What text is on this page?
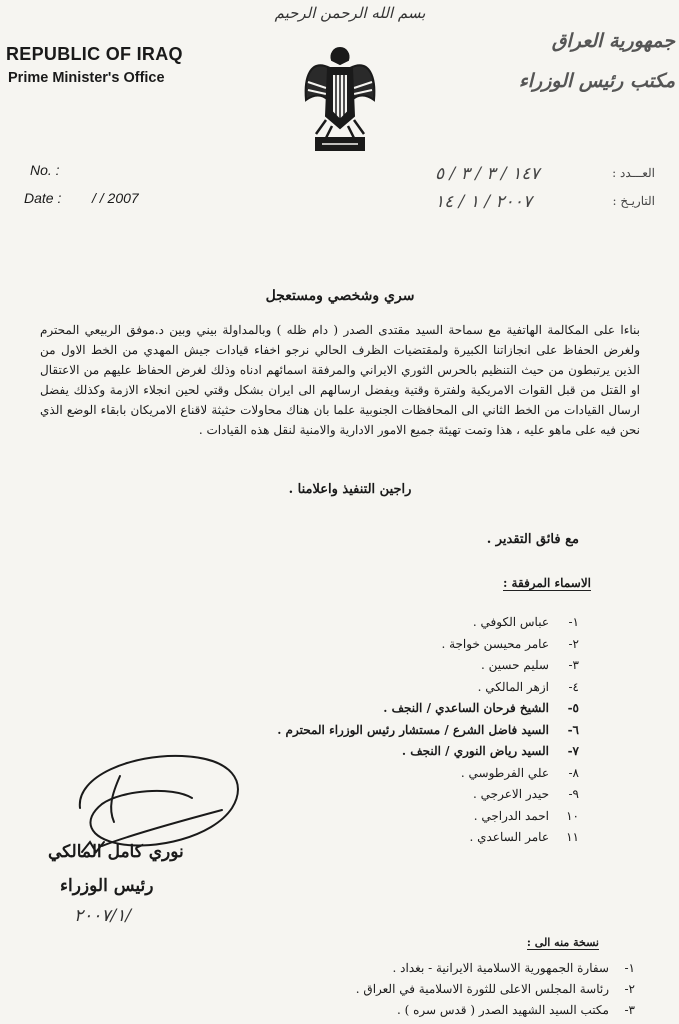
بسم الله الرحمن الرحيم
REPUBLIC OF IRAQ
Prime Minister's Office
جمهورية العراق
مكتب رئيس الوزراء
No. :
Date : / / 2007
العـــدد :
١٤٧ / ٣ / ٣ / ٥
التاريـخ :
٢٠٠٧ / ١ / ١٤
سري وشخصي ومستعجل
بناءا على المكالمة الهاتفية مع سماحة السيد مقتدى الصدر ( دام ظله ) وبالمداولة بيني وبين د.موفق الربيعي المحترم ولغرض الحفاظ على انجازاتنا الكبيرة ولمقتضيات الظرف الحالي نرجو اخفاء قيادات جيش المهدي من الخط الاول من الذين يرتبطون من حيث التنظيم بالحرس الثوري الايراني والمرفقة اسمائهم ادناه وذلك لغرض الحفاظ عليهم من الاعتقال او القتل من قبل القوات الامريكية ولفترة وقتية ويفضل ارسالهم الى ايران بشكل وقتي لحين انجلاء الازمة وكذلك يفضل ارسال القيادات من الخط الثاني الى المحافظات الجنوبية علما بان هناك محاولات حثيثة لاقناع الامريكان بابقاء الوضع الذي نحن فيه على ماهو عليه ، هذا وتمت تهيئة جميع الامور الادارية والامنية لنقل هذه القيادات .
راجين التنفيذ واعلامنا .
مع فائق التقدير .
الاسماء المرفقة :
١-عباس الكوفي .
٢-عامر محيسن خواجة .
٣-سليم حسين .
٤-ازهر المالكي .
٥-الشيخ فرحان الساعدي / النجف .
٦-السيد فاضل الشرع / مستشار رئيس الوزراء المحترم .
٧-السيد رياض النوري / النجف .
٨-علي الفرطوسي .
٩-حيدر الاعرجي .
١٠احمد الدراجي .
١١عامر الساعدي .
نوري كامل المالكي
رئيس الوزراء
٢٠٠٧/١/
نسخة منه الى :
١-سفارة الجمهورية الاسلامية الايرانية - بغداد .
٢-رئاسة المجلس الاعلى للثورة الاسلامية في العراق .
٣-مكتب السيد الشهيد الصدر ( قدس سره ) .
